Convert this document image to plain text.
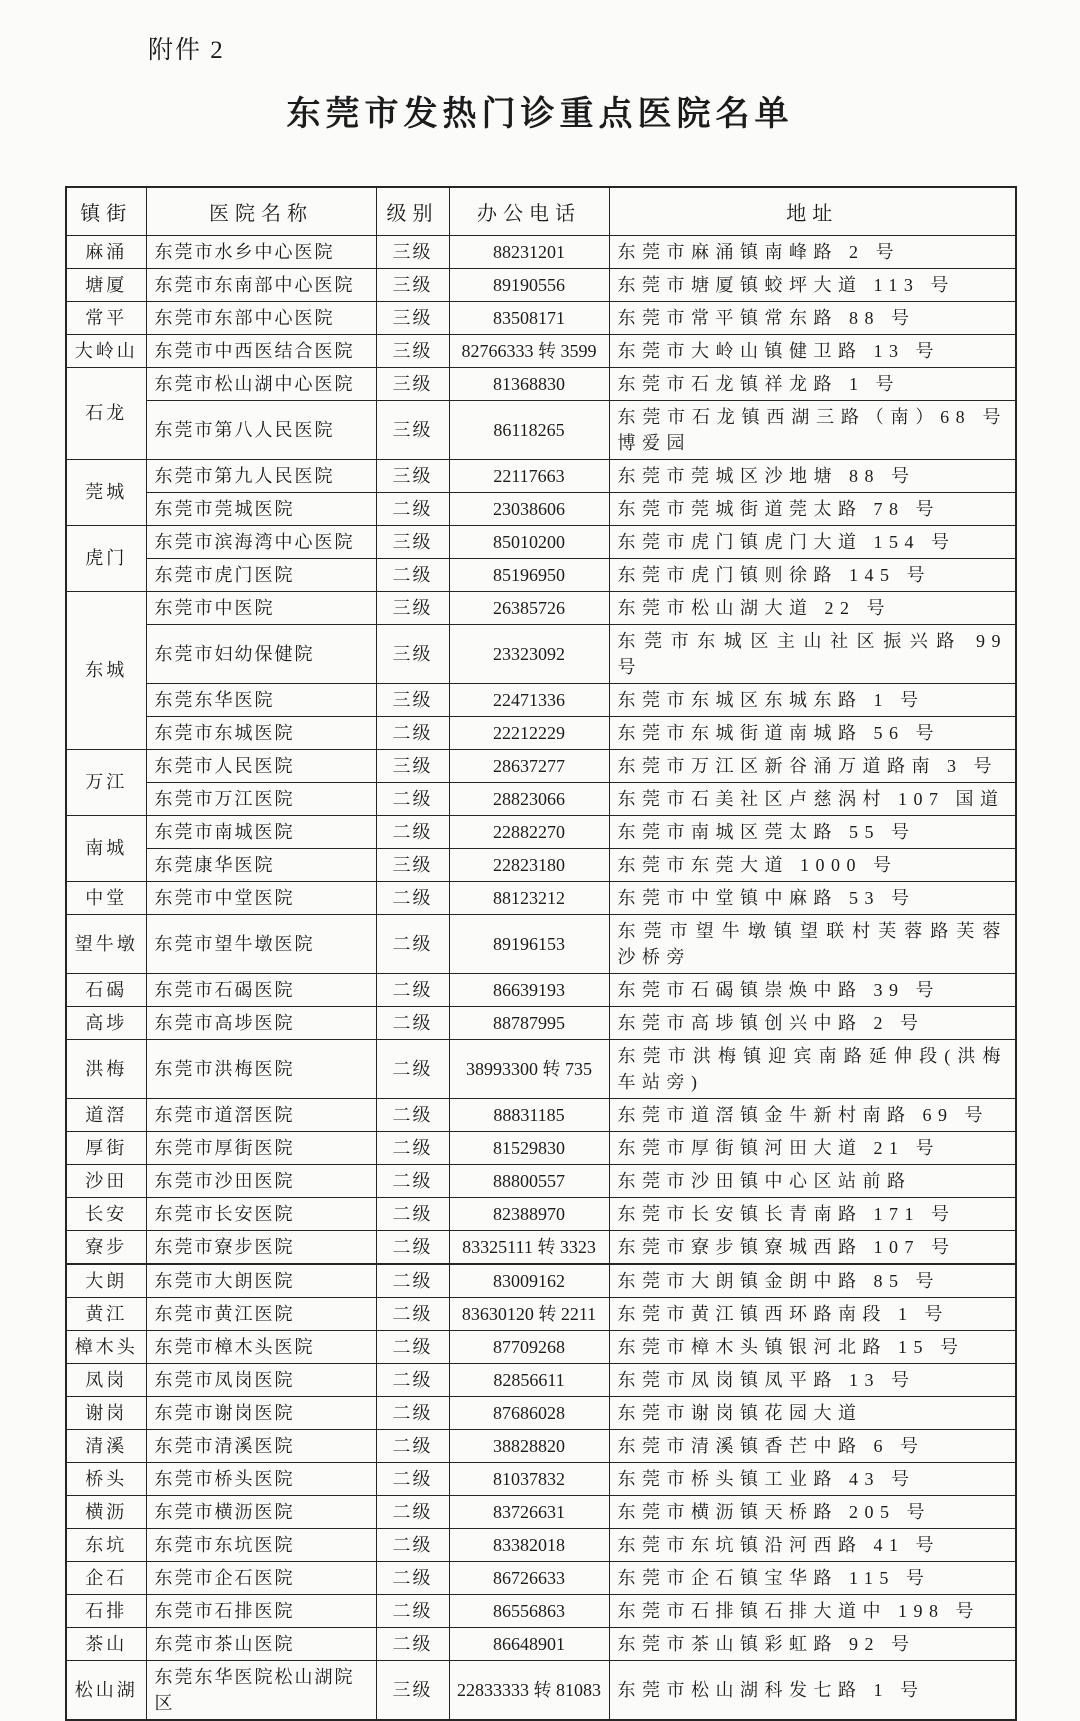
附件 2
东莞市发热门诊重点医院名单
镇街	医院名称	级别	办公电话	地址
麻涌	东莞市水乡中心医院	三级	88231201	东莞市麻涌镇南峰路 2 号
塘厦	东莞市东南部中心医院	三级	89190556	东莞市塘厦镇蛟坪大道 113 号
常平	东莞市东部中心医院	三级	83508171	东莞市常平镇常东路 88 号
大岭山	东莞市中西医结合医院	三级	82766333 转 3599	东莞市大岭山镇健卫路 13 号
石龙	东莞市松山湖中心医院	三级	81368830	东莞市石龙镇祥龙路 1 号
	东莞市第八人民医院	三级	86118265	东莞市石龙镇西湖三路（南）68 号博爱园
莞城	东莞市第九人民医院	三级	22117663	东莞市莞城区沙地塘 88 号
	东莞市莞城医院	二级	23038606	东莞市莞城街道莞太路 78 号
虎门	东莞市滨海湾中心医院	三级	85010200	东莞市虎门镇虎门大道 154 号
	东莞市虎门医院	二级	85196950	东莞市虎门镇则徐路 145 号
东城	东莞市中医院	三级	26385726	东莞市松山湖大道 22 号
	东莞市妇幼保健院	三级	23323092	东莞市东城区主山社区振兴路 99 号
	东莞东华医院	三级	22471336	东莞市东城区东城东路 1 号
	东莞市东城医院	二级	22212229	东莞市东城街道南城路 56 号
万江	东莞市人民医院	三级	28637277	东莞市万江区新谷涌万道路南 3 号
	东莞市万江医院	二级	28823066	东莞市石美社区卢慈涡村 107 国道
南城	东莞市南城医院	二级	22882270	东莞市南城区莞太路 55 号
	东莞康华医院	三级	22823180	东莞市东莞大道 1000 号
中堂	东莞市中堂医院	二级	88123212	东莞市中堂镇中麻路 53 号
望牛墩	东莞市望牛墩医院	二级	89196153	东莞市望牛墩镇望联村芙蓉路芙蓉沙桥旁
石碣	东莞市石碣医院	二级	86639193	东莞市石碣镇崇焕中路 39 号
高埗	东莞市高埗医院	二级	88787995	东莞市高埗镇创兴中路 2 号
洪梅	东莞市洪梅医院	二级	38993300 转 735	东莞市洪梅镇迎宾南路延伸段(洪梅车站旁)
道滘	东莞市道滘医院	二级	88831185	东莞市道滘镇金牛新村南路 69 号
厚街	东莞市厚街医院	二级	81529830	东莞市厚街镇河田大道 21 号
沙田	东莞市沙田医院	二级	88800557	东莞市沙田镇中心区站前路
长安	东莞市长安医院	二级	82388970	东莞市长安镇长青南路 171 号
寮步	东莞市寮步医院	二级	83325111 转 3323	东莞市寮步镇寮城西路 107 号
大朗	东莞市大朗医院	二级	83009162	东莞市大朗镇金朗中路 85 号
黄江	东莞市黄江医院	二级	83630120 转 2211	东莞市黄江镇西环路南段 1 号
樟木头	东莞市樟木头医院	二级	87709268	东莞市樟木头镇银河北路 15 号
凤岗	东莞市凤岗医院	二级	82856611	东莞市凤岗镇凤平路 13 号
谢岗	东莞市谢岗医院	二级	87686028	东莞市谢岗镇花园大道
清溪	东莞市清溪医院	二级	38828820	东莞市清溪镇香芒中路 6 号
桥头	东莞市桥头医院	二级	81037832	东莞市桥头镇工业路 43 号
横沥	东莞市横沥医院	二级	83726631	东莞市横沥镇天桥路 205 号
东坑	东莞市东坑医院	二级	83382018	东莞市东坑镇沿河西路 41 号
企石	东莞市企石医院	二级	86726633	东莞市企石镇宝华路 115 号
石排	东莞市石排医院	二级	86556863	东莞市石排镇石排大道中 198 号
茶山	东莞市茶山医院	二级	86648901	东莞市茶山镇彩虹路 92 号
松山湖	东莞东华医院松山湖院区	三级	22833333 转 81083	东莞市松山湖科发七路 1 号
